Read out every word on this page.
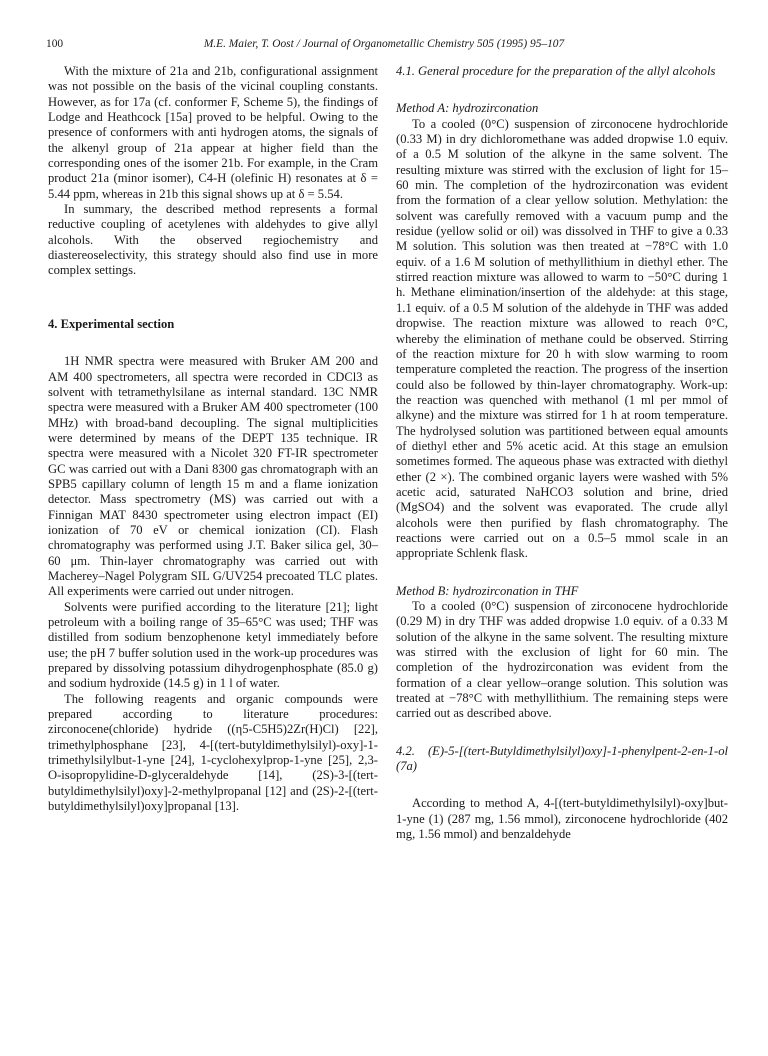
100	M.E. Maier, T. Oost / Journal of Organometallic Chemistry 505 (1995) 95–107

With the mixture of 21a and 21b, configurational assignment was not possible on the basis of the vicinal coupling constants. However, as for 17a (cf. conformer F, Scheme 5), the findings of Lodge and Heathcock [15a] proved to be helpful. Owing to the presence of conformers with anti hydrogen atoms, the signals of the alkenyl group of 21a appear at higher field than the corresponding ones of the isomer 21b. For example, in the Cram product 21a (minor isomer), C4-H (olefinic H) resonates at δ = 5.44 ppm, whereas in 21b this signal shows up at δ = 5.54.

In summary, the described method represents a formal reductive coupling of acetylenes with aldehydes to give allyl alcohols. With the observed regiochemistry and diastereoselectivity, this strategy should also find use in more complex settings.

4. Experimental section

1H NMR spectra were measured with Bruker AM 200 and AM 400 spectrometers, all spectra were recorded in CDCl3 as solvent with tetramethylsilane as internal standard. 13C NMR spectra were measured with a Bruker AM 400 spectrometer (100 MHz) with broad-band decoupling. The signal multiplicities were determined by means of the DEPT 135 technique. IR spectra were measured with a Nicolet 320 FT-IR spectrometer GC was carried out with a Dani 8300 gas chromatograph with an SPB5 capillary column of length 15 m and a flame ionization detector. Mass spectrometry (MS) was carried out with a Finnigan MAT 8430 spectrometer using electron impact (EI) ionization of 70 eV or chemical ionization (CI). Flash chromatography was performed using J.T. Baker silica gel, 30–60 μm. Thin-layer chromatography was carried out with Macherey–Nagel Polygram SIL G/UV254 precoated TLC plates. All experiments were carried out under nitrogen.

Solvents were purified according to the literature [21]; light petroleum with a boiling range of 35–65°C was used; THF was distilled from sodium benzophenone ketyl immediately before use; the pH 7 buffer solution used in the work-up procedures was prepared by dissolving potassium dihydrogenphosphate (85.0 g) and sodium hydroxide (14.5 g) in 1 l of water.

The following reagents and organic compounds were prepared according to literature procedures: zirconocene(chloride) hydride ((η5-C5H5)2Zr(H)Cl) [22], trimethylphosphane [23], 4-[(tert-butyldimethylsilyl)-oxy]-1-trimethylsilylbut-1-yne [24], 1-cyclohexylprop-1-yne [25], 2,3-O-isopropylidine-D-glyceraldehyde [14], (2S)-3-[(tert-butyldimethylsilyl)oxy]-2-methylpropanal [12] and (2S)-2-[(tert-butyldimethylsilyl)oxy]propanal [13].

4.1. General procedure for the preparation of the allyl alcohols
Method A: hydrozirconation

To a cooled (0°C) suspension of zirconocene hydrochloride (0.33 M) in dry dichloromethane was added dropwise 1.0 equiv. of a 0.5 M solution of the alkyne in the same solvent. The resulting mixture was stirred with the exclusion of light for 15–60 min. The completion of the hydrozirconation was evident from the formation of a clear yellow solution. Methylation: the solvent was carefully removed with a vacuum pump and the residue (yellow solid or oil) was dissolved in THF to give a 0.33 M solution. This solution was then treated at −78°C with 1.0 equiv. of a 1.6 M solution of methyllithium in diethyl ether. The stirred reaction mixture was allowed to warm to −50°C during 1 h. Methane elimination/insertion of the aldehyde: at this stage, 1.1 equiv. of a 0.5 M solution of the aldehyde in THF was added dropwise. The reaction mixture was allowed to reach 0°C, whereby the elimination of methane could be observed. Stirring of the reaction mixture for 20 h with slow warming to room temperature completed the reaction. The progress of the insertion could also be followed by thin-layer chromatography. Work-up: the reaction was quenched with methanol (1 ml per mmol of alkyne) and the mixture was stirred for 1 h at room temperature. The hydrolysed solution was partitioned between equal amounts of diethyl ether and 5% acetic acid. At this stage an emulsion sometimes formed. The aqueous phase was extracted with diethyl ether (2 ×). The combined organic layers were washed with 5% acetic acid, saturated NaHCO3 solution and brine, dried (MgSO4) and the solvent was evaporated. The crude allyl alcohols were then purified by flash chromatography. The reactions were carried out on a 0.5–5 mmol scale in an appropriate Schlenk flask.

Method B: hydrozirconation in THF

To a cooled (0°C) suspension of zirconocene hydrochloride (0.29 M) in dry THF was added dropwise 1.0 equiv. of a 0.33 M solution of the alkyne in the same solvent. The resulting mixture was stirred with the exclusion of light for 60 min. The completion of the hydrozirconation was evident from the formation of a clear yellow–orange solution. This solution was treated at −78°C with methyllithium. The remaining steps were carried out as described above.

4.2. (E)-5-[(tert-Butyldimethylsilyl)oxy]-1-phenylpent-2-en-1-ol (7a)

According to method A, 4-[(tert-butyldimethylsilyl)-oxy]but-1-yne (1) (287 mg, 1.56 mmol), zirconocene hydrochloride (402 mg, 1.56 mmol) and benzaldehyde
